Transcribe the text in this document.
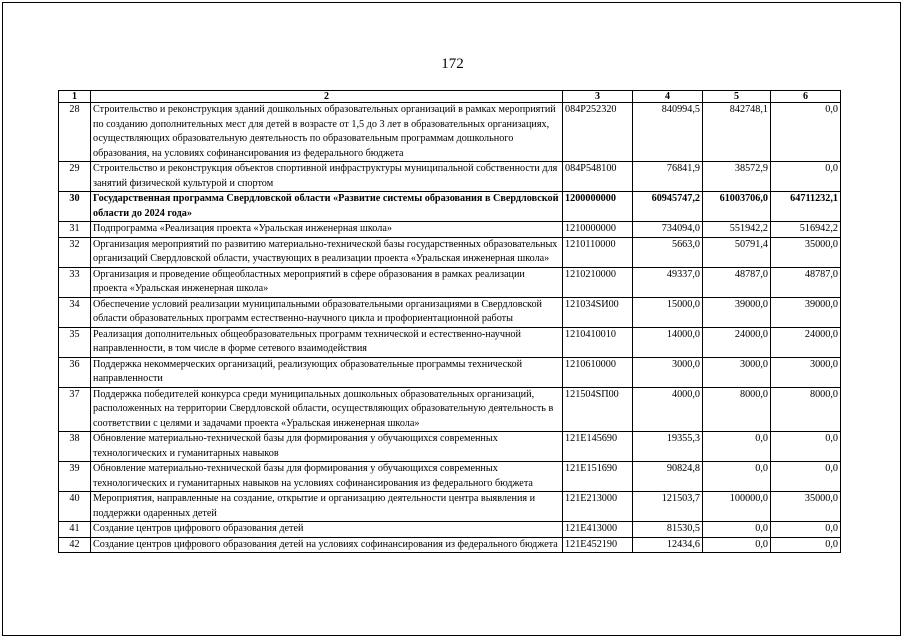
172
1	2	3	4	5	6
28	Строительство и реконструкция зданий дошкольных образовательных организаций в рамках мероприятий по созданию дополнительных мест для детей в возрасте от 1,5 до 3 лет в образовательных организациях, осуществляющих образовательную деятельность по образовательным программам дошкольного образования, на условиях софинансирования из федерального бюджета	084P252320	840994,5	842748,1	0,0
29	Строительство и реконструкция объектов спортивной инфраструктуры муниципальной собственности для занятий физической культурой и спортом	084P548100	76841,9	38572,9	0,0
30	Государственная программа Свердловской области «Развитие системы образования в Свердловской области до 2024 года»	1200000000	60945747,2	61003706,0	64711232,1
31	Подпрограмма «Реализация проекта «Уральская инженерная школа»	1210000000	734094,0	551942,2	516942,2
32	Организация мероприятий по развитию материально-технической базы государственных образовательных организаций Свердловской области, участвующих в реализации проекта «Уральская инженерная школа»	1210110000	5663,0	50791,4	35000,0
33	Организация и проведение общеобластных мероприятий в сфере образования в рамках реализации проекта «Уральская инженерная школа»	1210210000	49337,0	48787,0	48787,0
34	Обеспечение условий реализации муниципальными образовательными организациями в Свердловской области образовательных программ естественно-научного цикла и профориентационной работы	121034SИ00	15000,0	39000,0	39000,0
35	Реализация дополнительных общеобразовательных программ технической и естественно-научной направленности, в том числе в форме сетевого взаимодействия	1210410010	14000,0	24000,0	24000,0
36	Поддержка некоммерческих организаций, реализующих образовательные программы технической направленности	1210610000	3000,0	3000,0	3000,0
37	Поддержка победителей конкурса среди муниципальных дошкольных образовательных организаций, расположенных на территории Свердловской области, осуществляющих образовательную деятельность в соответствии с целями и задачами проекта «Уральская инженерная школа»	121504SП00	4000,0	8000,0	8000,0
38	Обновление материально-технической базы для формирования у обучающихся современных технологических и гуманитарных навыков	121E145690	19355,3	0,0	0,0
39	Обновление материально-технической базы для формирования у обучающихся современных технологических и гуманитарных навыков на условиях софинансирования из федерального бюджета	121E151690	90824,8	0,0	0,0
40	Мероприятия, направленные на создание, открытие и организацию деятельности центра выявления и поддержки одаренных детей	121E213000	121503,7	100000,0	35000,0
41	Создание центров цифрового образования детей	121E413000	81530,5	0,0	0,0
42	Создание центров цифрового образования детей на условиях софинансирования из федерального бюджета	121E452190	12434,6	0,0	0,0
